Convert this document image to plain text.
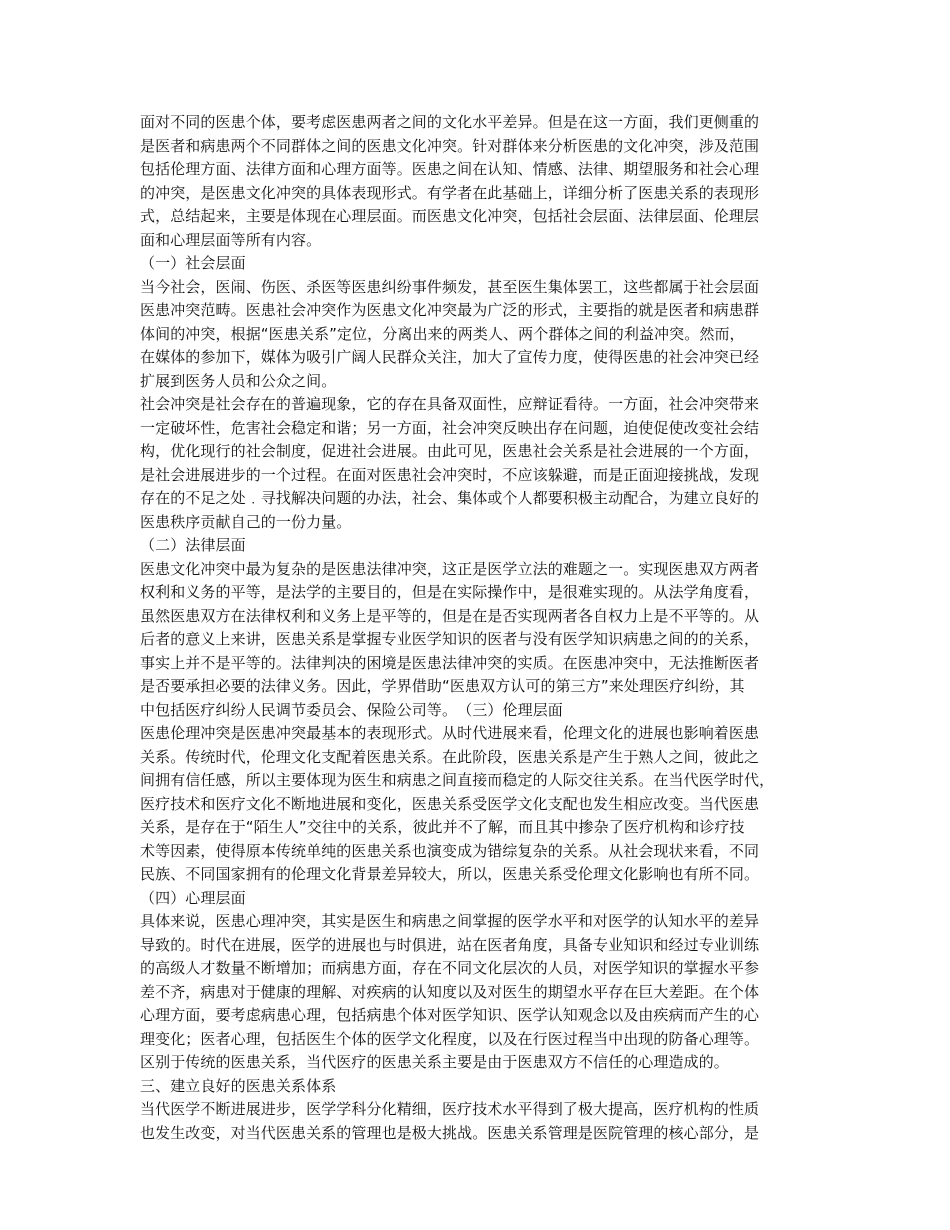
面对不同的医患个体，要考虑医患两者之间的文化水平差异。但是在这一方面，我们更侧重的
是医者和病患两个不同群体之间的医患文化冲突。针对群体来分析医患的文化冲突，涉及范围
包括伦理方面、法律方面和心理方面等。医患之间在认知、情感、法律、期望服务和社会心理
的冲突，是医患文化冲突的具体表现形式。有学者在此基础上，详细分析了医患关系的表现形
式，总结起来，主要是体现在心理层面。而医患文化冲突，包括社会层面、法律层面、伦理层
面和心理层面等所有内容。
（一）社会层面
当今社会，医闹、伤医、杀医等医患纠纷事件频发，甚至医生集体罢工，这些都属于社会层面
医患冲突范畴。医患社会冲突作为医患文化冲突最为广泛的形式，主要指的就是医者和病患群
体间的冲突，根据“医患关系”定位，分离出来的两类人、两个群体之间的利益冲突。然而，
在媒体的参加下，媒体为吸引广阔人民群众关注，加大了宣传力度，使得医患的社会冲突已经
扩展到医务人员和公众之间。
社会冲突是社会存在的普遍现象，它的存在具备双面性，应辩证看待。一方面，社会冲突带来
一定破坏性，危害社会稳定和谐；另一方面，社会冲突反映出存在问题，迫使促使改变社会结
构，优化现行的社会制度，促进社会进展。由此可见，医患社会关系是社会进展的一个方面，
是社会进展进步的一个过程。在面对医患社会冲突时，不应该躲避，而是正面迎接挑战，发现
存在的不足之处﹒寻找解决问题的办法，社会、集体或个人都要积极主动配合，为建立良好的
医患秩序贡献自己的一份力量。
（二）法律层面
医患文化冲突中最为复杂的是医患法律冲突，这正是医学立法的难题之一。实现医患双方两者
权利和义务的平等，是法学的主要目的，但是在实际操作中，是很难实现的。从法学角度看，
虽然医患双方在法律权利和义务上是平等的，但是在是否实现两者各自权力上是不平等的。从
后者的意义上来讲，医患关系是掌握专业医学知识的医者与没有医学知识病患之间的的关系，
事实上并不是平等的。法律判决的困境是医患法律冲突的实质。在医患冲突中，无法推断医者
是否要承担必要的法律义务。因此，学界借助“医患双方认可的第三方”来处理医疗纠纷，其
中包括医疗纠纷人民调节委员会、保险公司等。　（三）伦理层面
医患伦理冲突是医患冲突最基本的表现形式。从时代进展来看，伦理文化的进展也影响着医患
关系。传统时代，伦理文化支配着医患关系。在此阶段，医患关系是产生于熟人之间，彼此之
间拥有信任感，所以主要体现为医生和病患之间直接而稳定的人际交往关系。在当代医学时代，
医疗技术和医疗文化不断地进展和变化，医患关系受医学文化支配也发生相应改变。当代医患
关系，是存在于“陌生人”交往中的关系，彼此并不了解，而且其中掺杂了医疗机构和诊疗技
术等因素，使得原本传统单纯的医患关系也演变成为错综复杂的关系。从社会现状来看，不同
民族、不同国家拥有的伦理文化背景差异较大，所以，医患关系受伦理文化影响也有所不同。
（四）心理层面
具体来说，医患心理冲突，其实是医生和病患之间掌握的医学水平和对医学的认知水平的差异
导致的。时代在进展，医学的进展也与时俱进，站在医者角度，具备专业知识和经过专业训练
的高级人才数量不断增加；而病患方面，存在不同文化层次的人员，对医学知识的掌握水平参
差不齐，病患对于健康的理解、对疾病的认知度以及对医生的期望水平存在巨大差距。在个体
心理方面，要考虑病患心理，包括病患个体对医学知识、医学认知观念以及由疾病而产生的心
理变化；医者心理，包括医生个体的医学文化程度，以及在行医过程当中出现的防备心理等。
区别于传统的医患关系，当代医疗的医患关系主要是由于医患双方不信任的心理造成的。
三、建立良好的医患关系体系
当代医学不断进展进步，医学学科分化精细，医疗技术水平得到了极大提高，医疗机构的性质
也发生改变，对当代医患关系的管理也是极大挑战。医患关系管理是医院管理的核心部分，是
